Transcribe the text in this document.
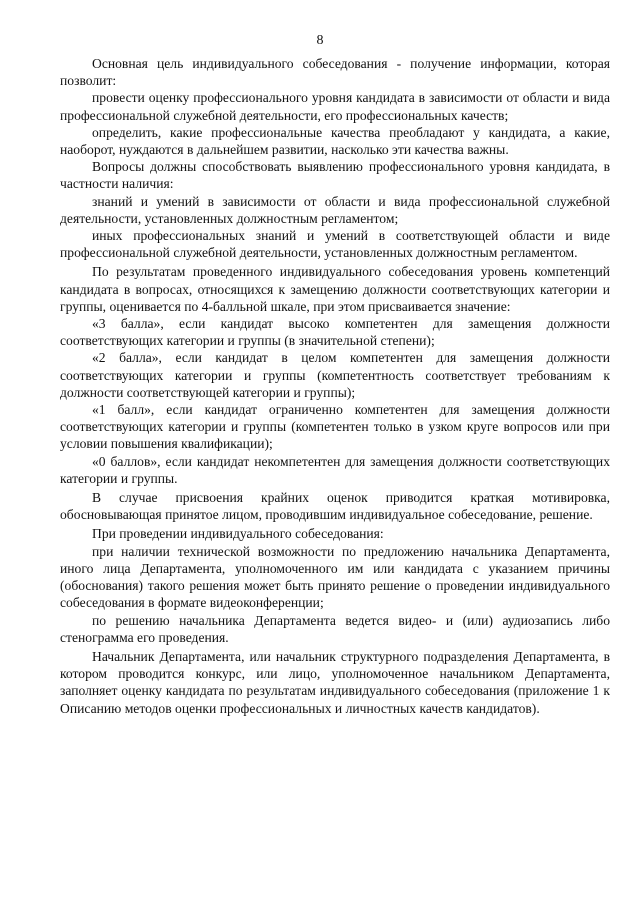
8

Основная цель индивидуального собеседования - получение информации, которая позволит:

провести оценку профессионального уровня кандидата в зависимости от области и вида профессиональной служебной деятельности, его профессиональных качеств;

определить, какие профессиональные качества преобладают у кандидата, а какие, наоборот, нуждаются в дальнейшем развитии, насколько эти качества важны.

Вопросы должны способствовать выявлению профессионального уровня кандидата, в частности наличия:

знаний и умений в зависимости от области и вида профессиональной служебной деятельности, установленных должностным регламентом;

иных профессиональных знаний и умений в соответствующей области и виде профессиональной служебной деятельности, установленных должностным регламентом.

По результатам проведенного индивидуального собеседования уровень компетенций кандидата в вопросах, относящихся к замещению должности соответствующих категории и группы, оценивается по 4-балльной шкале, при этом присваивается значение:

«3 балла», если кандидат высоко компетентен для замещения должности соответствующих категории и группы (в значительной степени);

«2 балла», если кандидат в целом компетентен для замещения должности соответствующих категории и группы (компетентность соответствует требованиям к должности соответствующей категории и группы);

«1 балл», если кандидат ограниченно компетентен для замещения должности соответствующих категории и группы (компетентен только в узком круге вопросов или при условии повышения квалификации);

«0 баллов», если кандидат некомпетентен для замещения должности соответствующих категории и группы.

В случае присвоения крайних оценок приводится краткая мотивировка, обосновывающая принятое лицом, проводившим индивидуальное собеседование, решение.

При проведении индивидуального собеседования:

при наличии технической возможности по предложению начальника Департамента, иного лица Департамента, уполномоченного им или кандидата с указанием причины (обоснования) такого решения может быть принято решение о проведении индивидуального собеседования в формате видеоконференции;

по решению начальника Департамента ведется видео- и (или) аудиозапись либо стенограмма его проведения.

Начальник Департамента, или начальник структурного подразделения Департамента, в котором проводится конкурс, или лицо, уполномоченное начальником Департамента, заполняет оценку кандидата по результатам индивидуального собеседования (приложение 1 к Описанию методов оценки профессиональных и личностных качеств кандидатов).
